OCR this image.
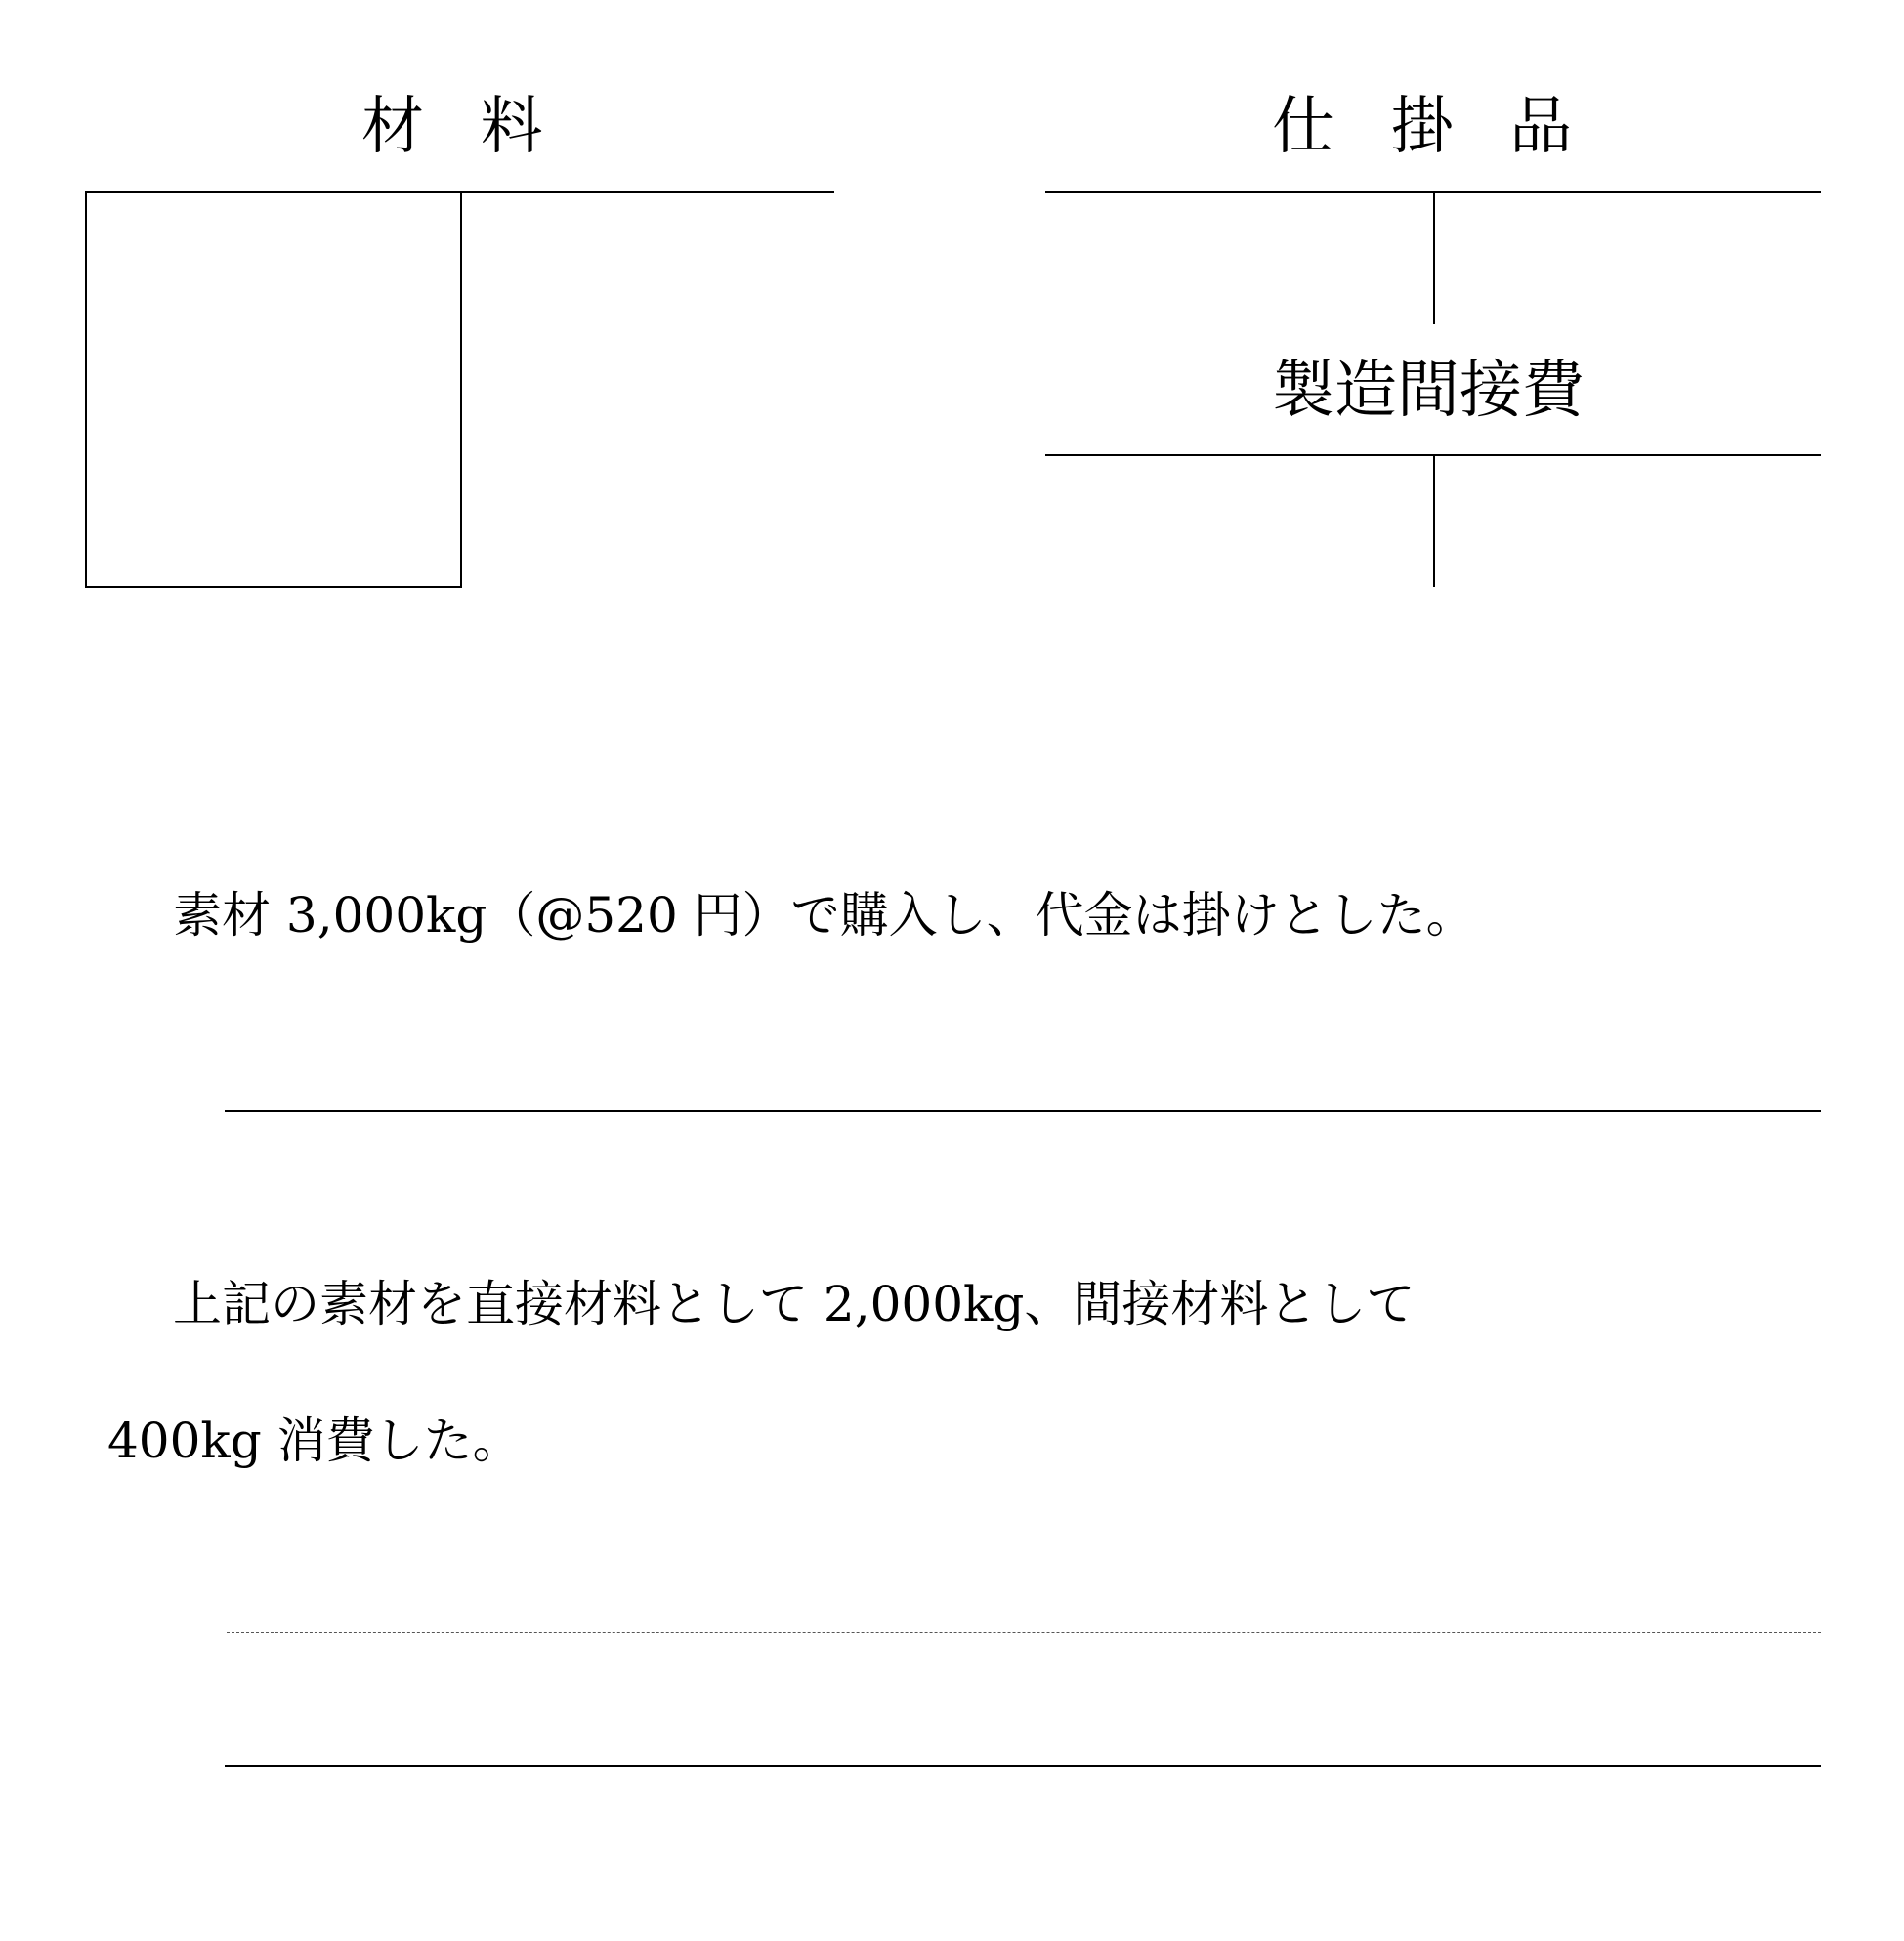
材料	仕掛品
製造間接費
素材 3,000kg（@520 円）で購入し、代金は掛けとした。
上記の素材を直接材料として 2,000kg、間接材料として
400kg 消費した。
